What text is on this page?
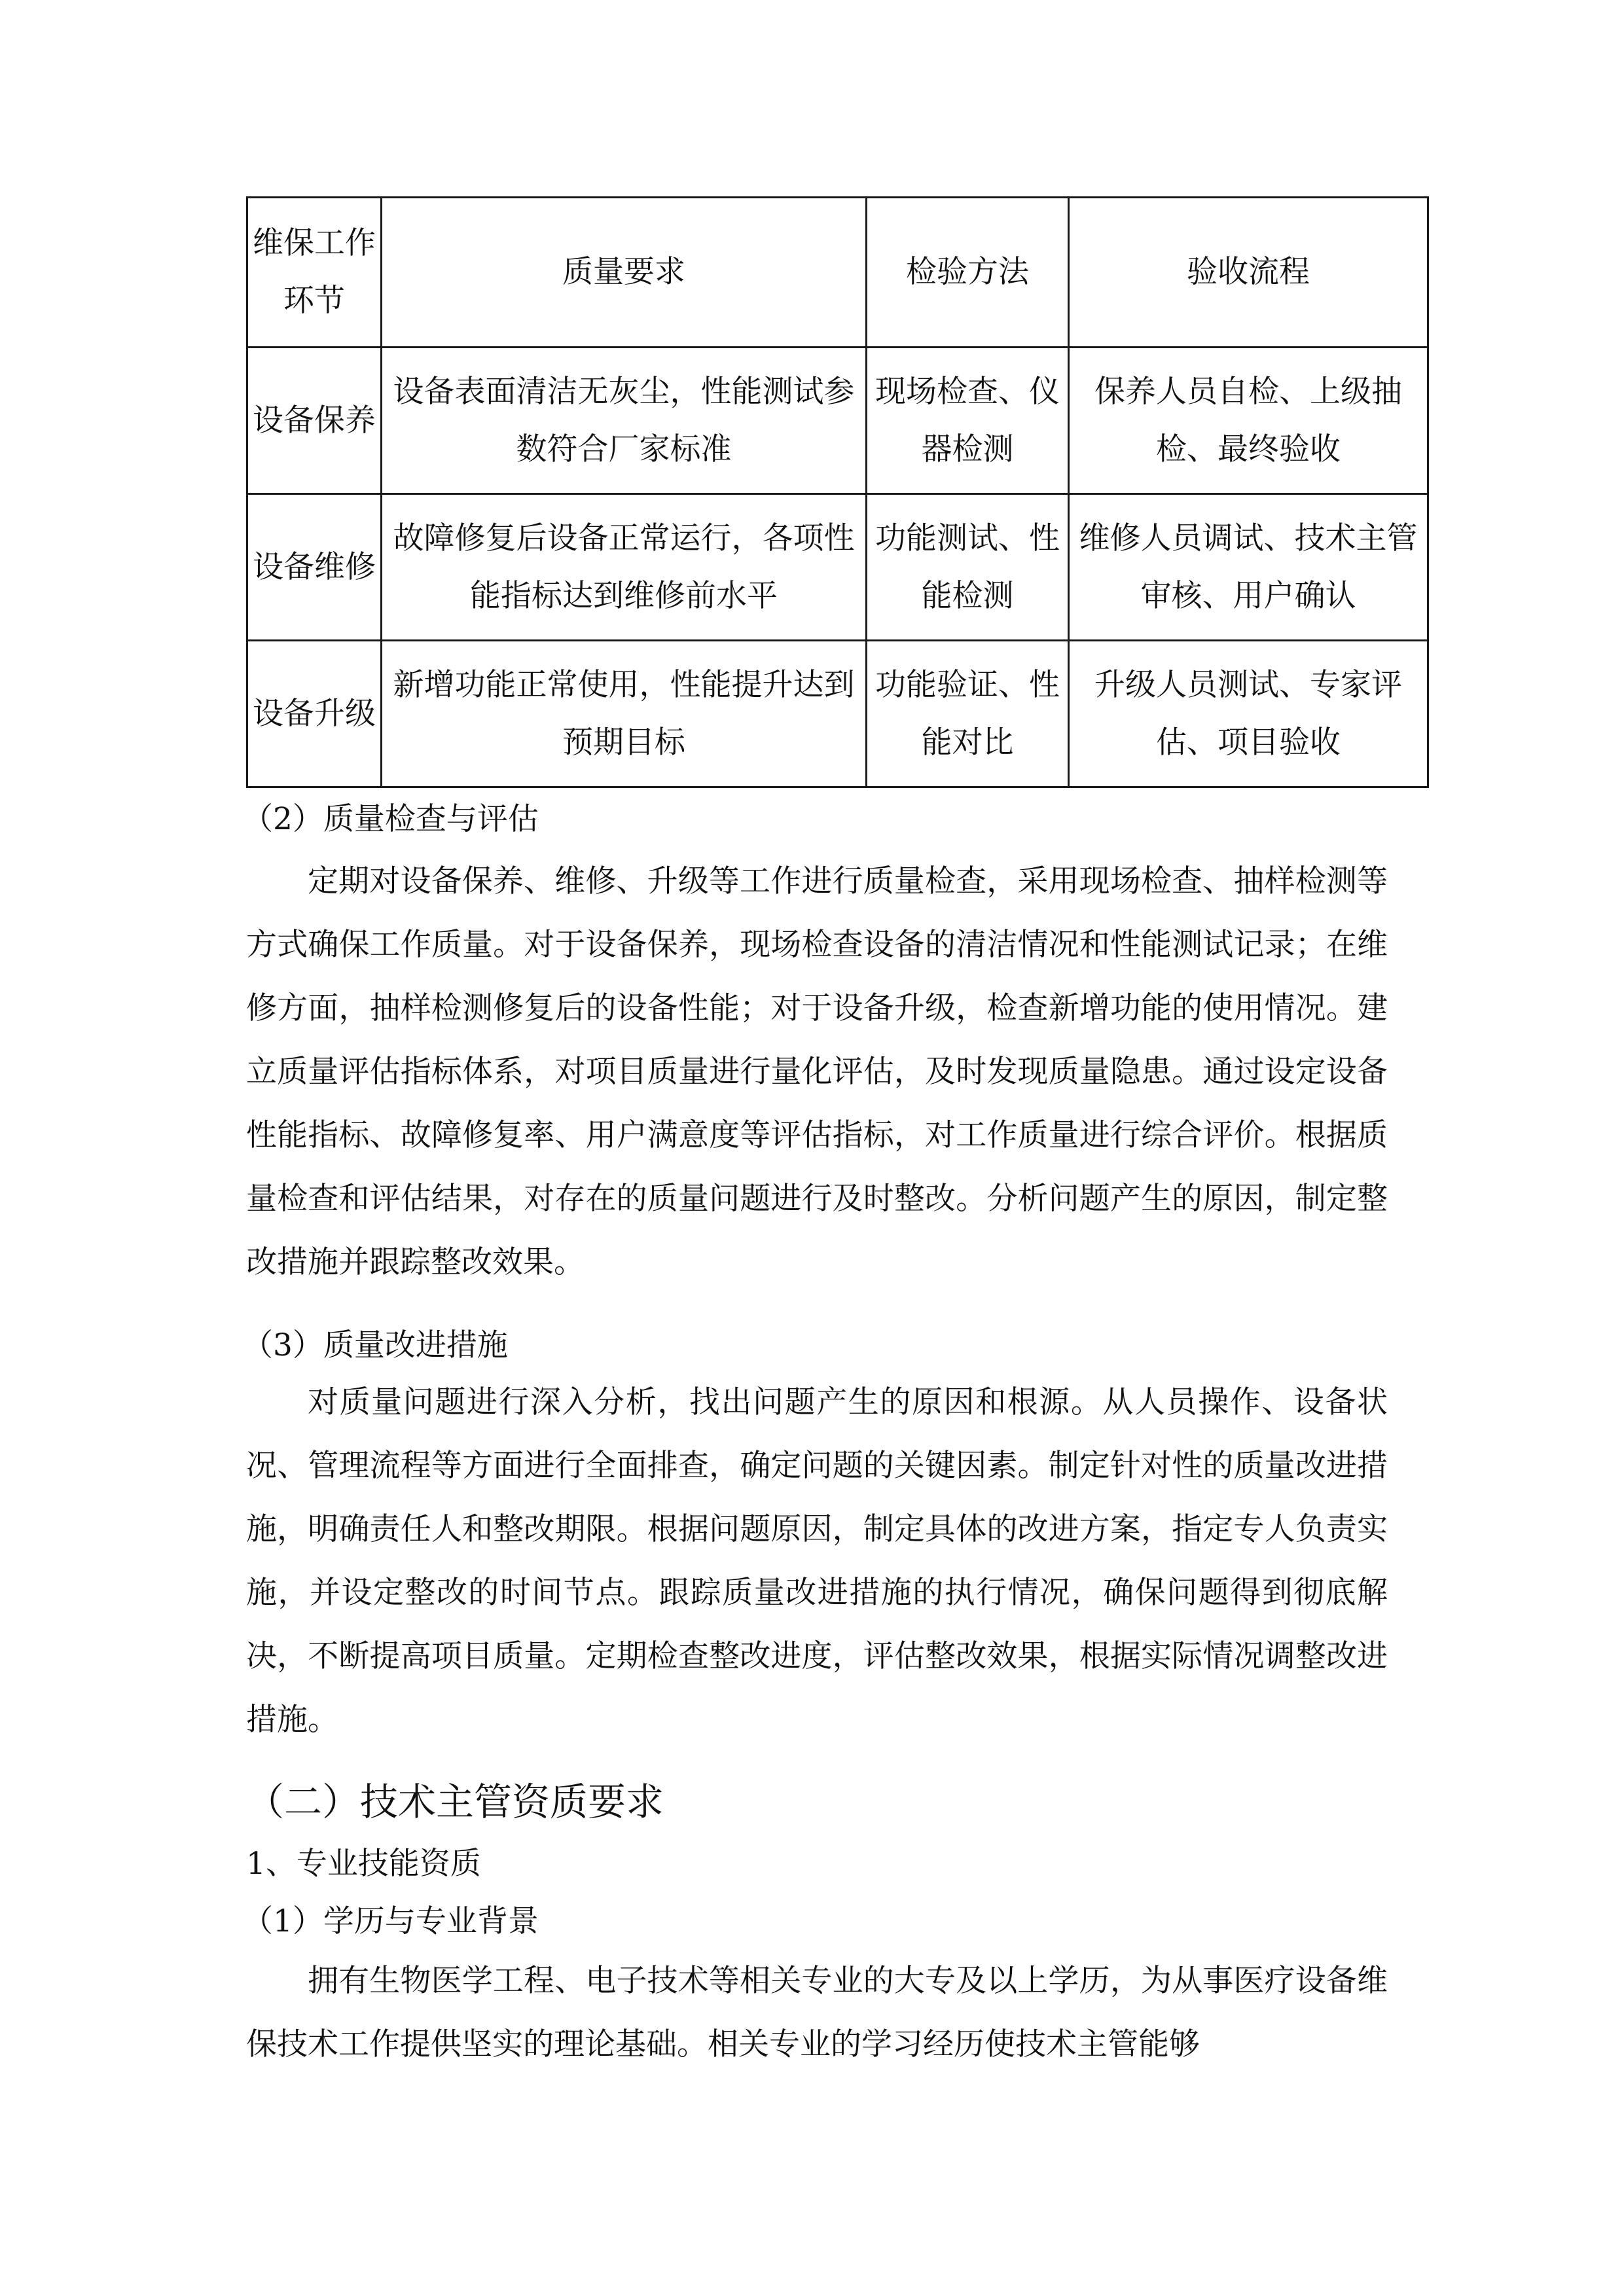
维保工作环节	质量要求	检验方法	验收流程
设备保养	设备表面清洁无灰尘，性能测试参数符合厂家标准	现场检查、仪器检测	保养人员自检、上级抽检、最终验收
设备维修	故障修复后设备正常运行，各项性能指标达到维修前水平	功能测试、性能检测	维修人员调试、技术主管审核、用户确认
设备升级	新增功能正常使用，性能提升达到预期目标	功能验证、性能对比	升级人员测试、专家评估、项目验收
（2）质量检查与评估
定期对设备保养、维修、升级等工作进行质量检查，采用现场检查、抽样检测等方式确保工作质量。对于设备保养，现场检查设备的清洁情况和性能测试记录；在维修方面，抽样检测修复后的设备性能；对于设备升级，检查新增功能的使用情况。建立质量评估指标体系，对项目质量进行量化评估，及时发现质量隐患。通过设定设备性能指标、故障修复率、用户满意度等评估指标，对工作质量进行综合评价。根据质量检查和评估结果，对存在的质量问题进行及时整改。分析问题产生的原因，制定整改措施并跟踪整改效果。
（3）质量改进措施
对质量问题进行深入分析，找出问题产生的原因和根源。从人员操作、设备状况、管理流程等方面进行全面排查，确定问题的关键因素。制定针对性的质量改进措施，明确责任人和整改期限。根据问题原因，制定具体的改进方案，指定专人负责实施，并设定整改的时间节点。跟踪质量改进措施的执行情况，确保问题得到彻底解决，不断提高项目质量。定期检查整改进度，评估整改效果，根据实际情况调整改进措施。
（二）技术主管资质要求
1、专业技能资质
（1）学历与专业背景
拥有生物医学工程、电子技术等相关专业的大专及以上学历，为从事医疗设备维保技术工作提供坚实的理论基础。相关专业的学习经历使技术主管能够
